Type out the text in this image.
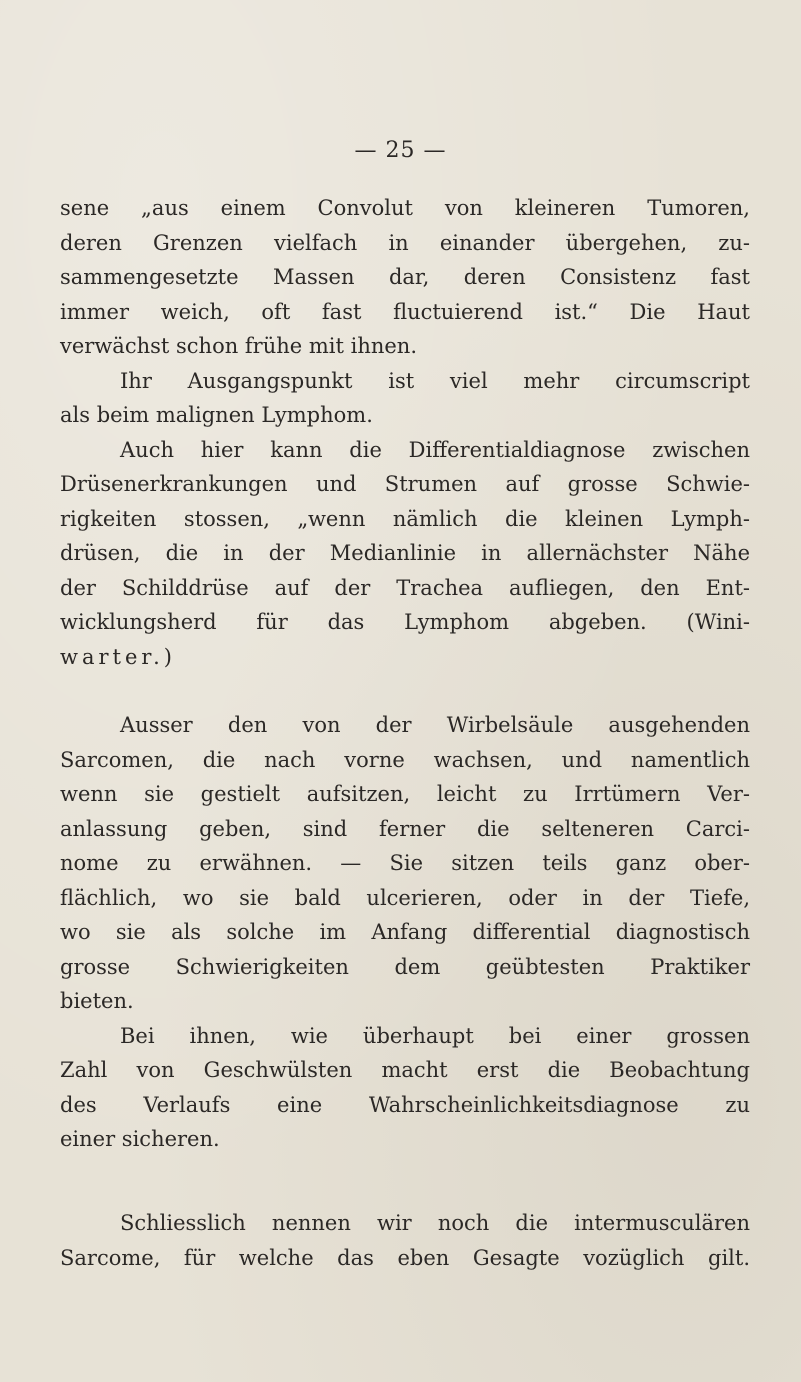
— 25 —

sene „aus einem Convolut von kleineren Tumoren,

deren Grenzen vielfach in einander übergehen, zu-

sammengesetzte Massen dar, deren Consistenz fast

immer weich, oft fast fluctuierend ist.“ Die Haut

verwächst schon frühe mit ihnen.

Ihr Ausgangspunkt ist viel mehr circumscript

als beim malignen Lymphom.

Auch hier kann die Differentialdiagnose zwischen

Drüsenerkrankungen und Strumen auf grosse Schwie-

rigkeiten stossen, „wenn nämlich die kleinen Lymph-

drüsen, die in der Medianlinie in allernächster Nähe

der Schilddrüse auf der Trachea aufliegen, den Ent-

wicklungsherd für das Lymphom abgeben. (Wini-

warter.)

Ausser den von der Wirbelsäule ausgehenden

Sarcomen, die nach vorne wachsen, und namentlich

wenn sie gestielt aufsitzen, leicht zu Irrtümern Ver-

anlassung geben, sind ferner die selteneren Carci-

nome zu erwähnen. — Sie sitzen teils ganz ober-

flächlich, wo sie bald ulcerieren, oder in der Tiefe,

wo sie als solche im Anfang differential diagnostisch

grosse Schwierigkeiten dem geübtesten Praktiker

bieten.

Bei ihnen, wie überhaupt bei einer grossen

Zahl von Geschwülsten macht erst die Beobachtung

des Verlaufs eine Wahrscheinlichkeitsdiagnose zu

einer sicheren.

Schliesslich nennen wir noch die intermusculären

Sarcome, für welche das eben Gesagte vozüglich gilt.
